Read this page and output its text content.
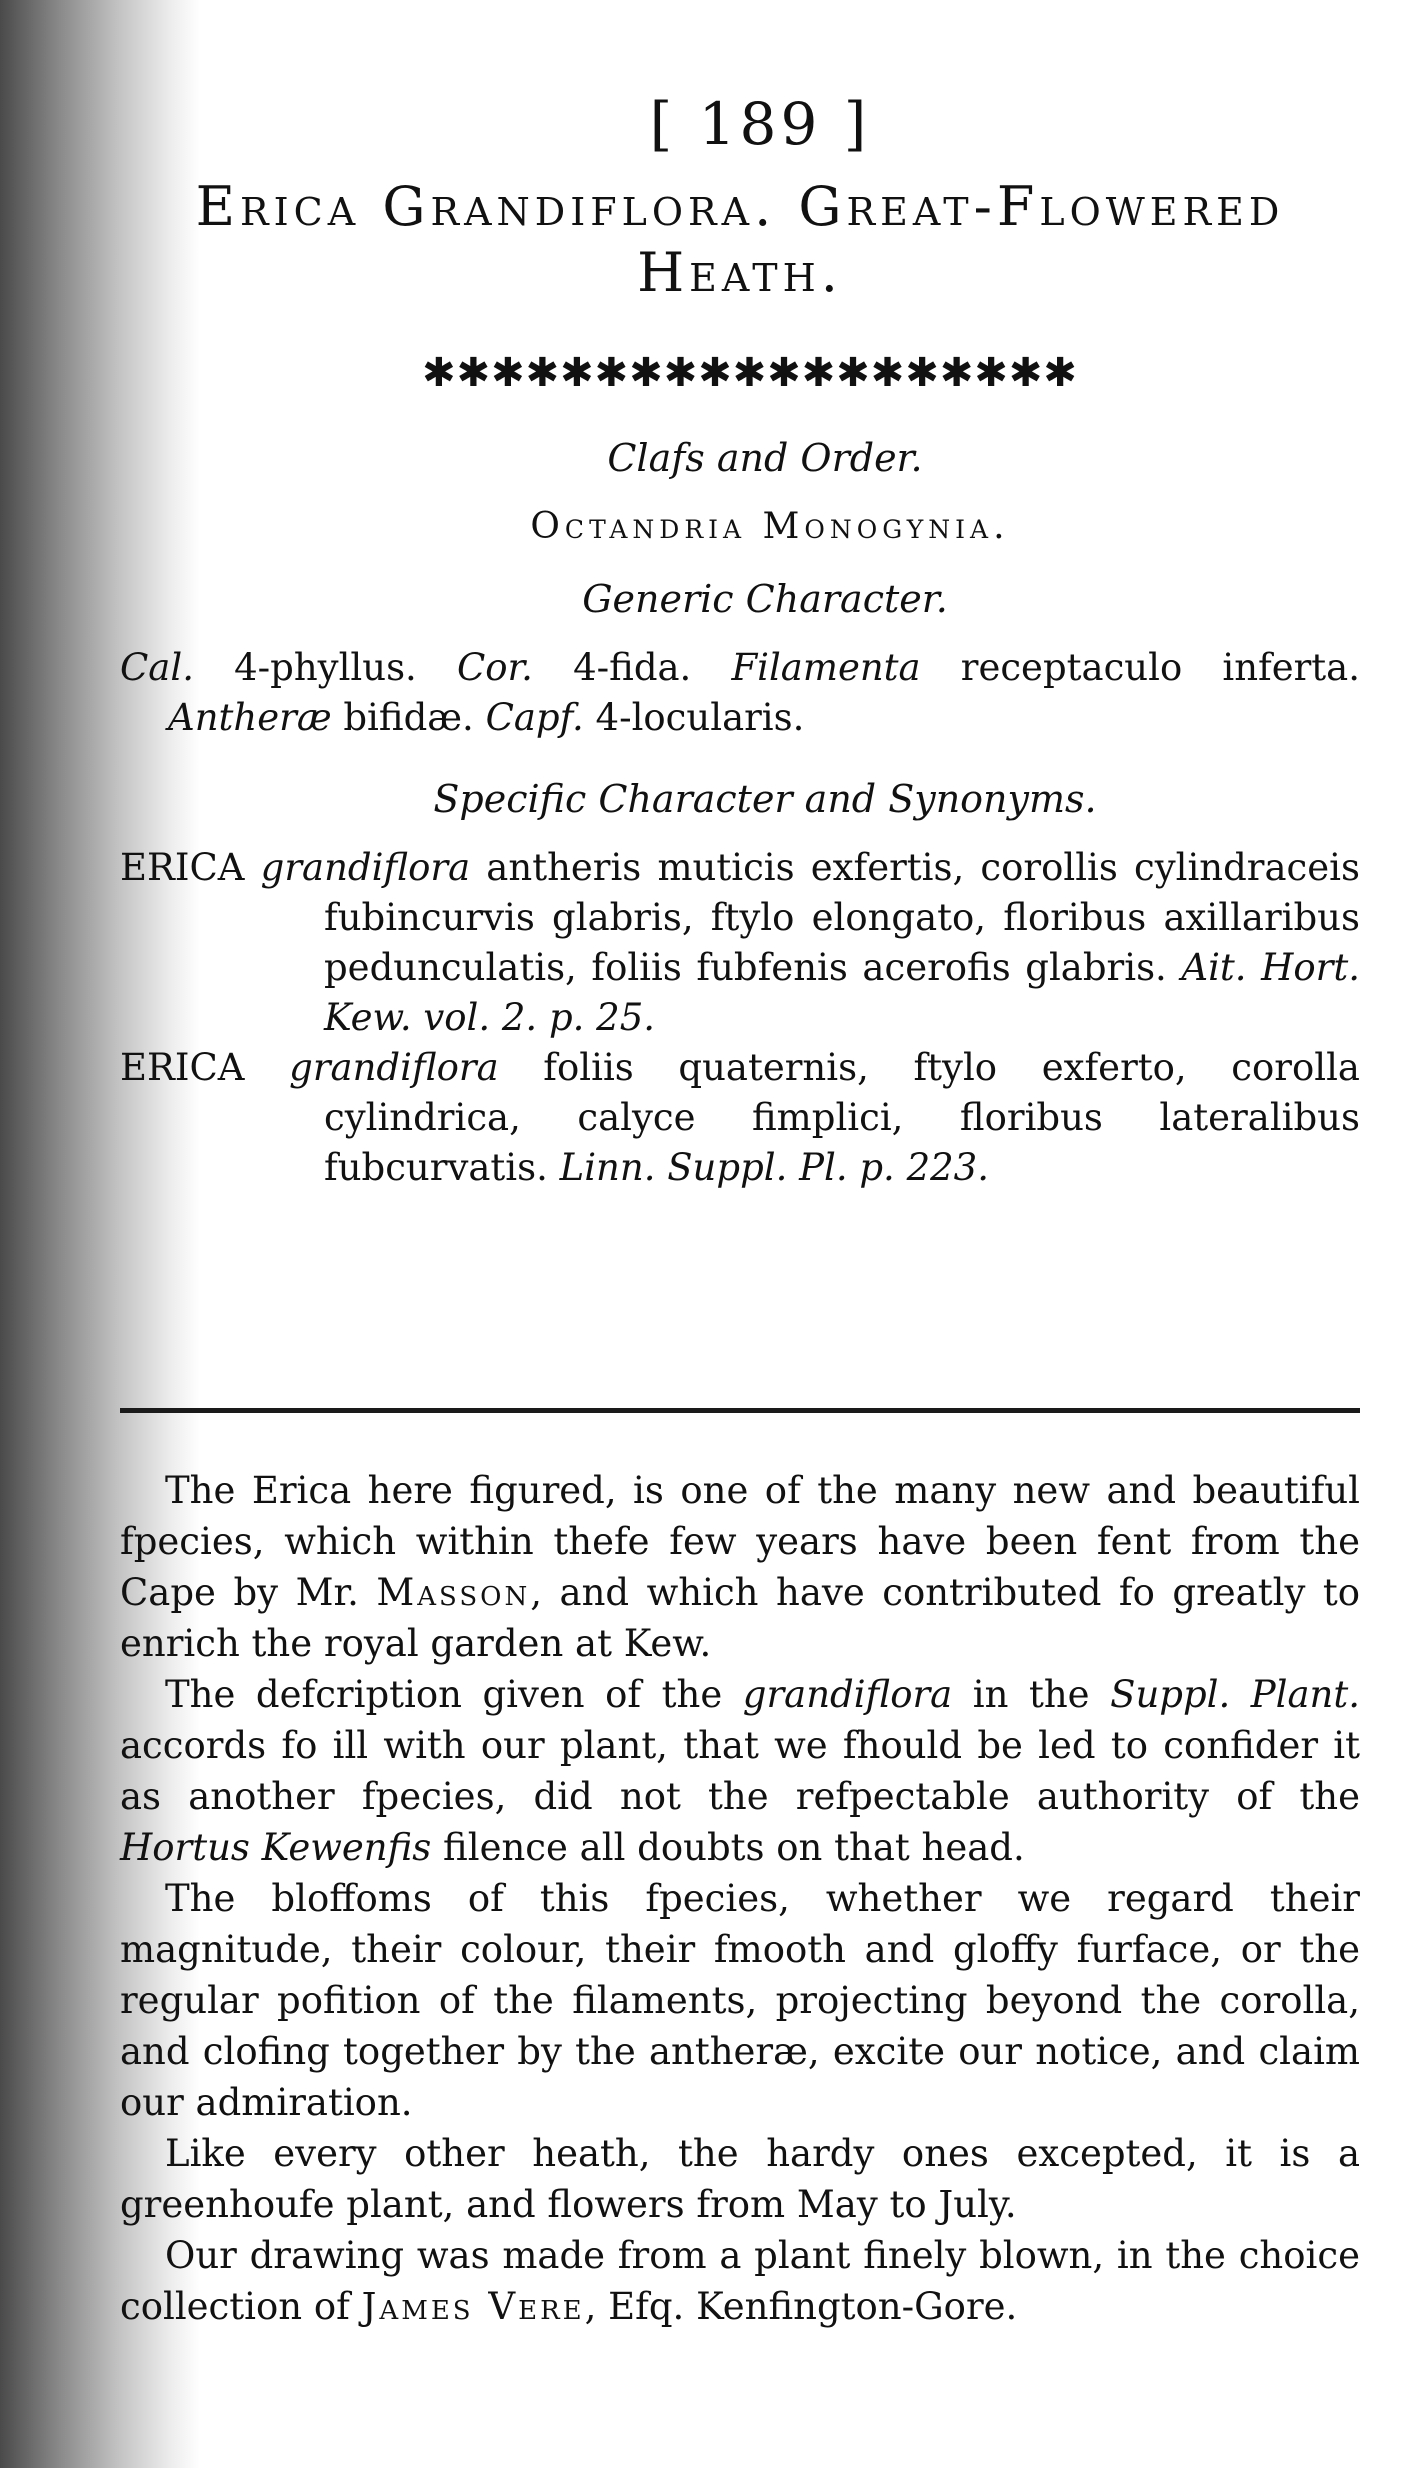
[ 189 ]
Erica Grandiflora. Great-Flowered
Heath.
✱✱✱✱✱✱✱✱✱✱✱✱✱✱✱✱✱✱✱
Clafs and Order.
Octandria Monogynia.
Generic Character.
Cal. 4-phyllus. Cor. 4-fida. Filamenta receptaculo inferta. Antheræ bifidæ. Capf. 4-locularis.
Specific Character and Synonyms.
ERICA grandiflora antheris muticis exfertis, corollis cylindraceis fubincurvis glabris, ftylo elongato, floribus axillaribus pedunculatis, foliis fubfenis acerofis glabris. Ait. Hort. Kew. vol. 2. p. 25.
ERICA grandiflora foliis quaternis, ftylo exferto, corolla cylindrica, calyce fimplici, floribus lateralibus fubcurvatis. Linn. Suppl. Pl. p. 223.

The Erica here figured, is one of the many new and beautiful fpecies, which within thefe few years have been fent from the Cape by Mr. Masson, and which have contributed fo greatly to enrich the royal garden at Kew.

The defcription given of the grandiflora in the Suppl. Plant. accords fo ill with our plant, that we fhould be led to confider it as another fpecies, did not the refpectable authority of the Hortus Kewenfis filence all doubts on that head.

The bloffoms of this fpecies, whether we regard their magnitude, their colour, their fmooth and gloffy furface, or the regular pofition of the filaments, projecting beyond the corolla, and clofing together by the antheræ, excite our notice, and claim our admiration.

Like every other heath, the hardy ones excepted, it is a greenhoufe plant, and flowers from May to July.

Our drawing was made from a plant finely blown, in the choice collection of James Vere, Efq. Kenfington-Gore.
